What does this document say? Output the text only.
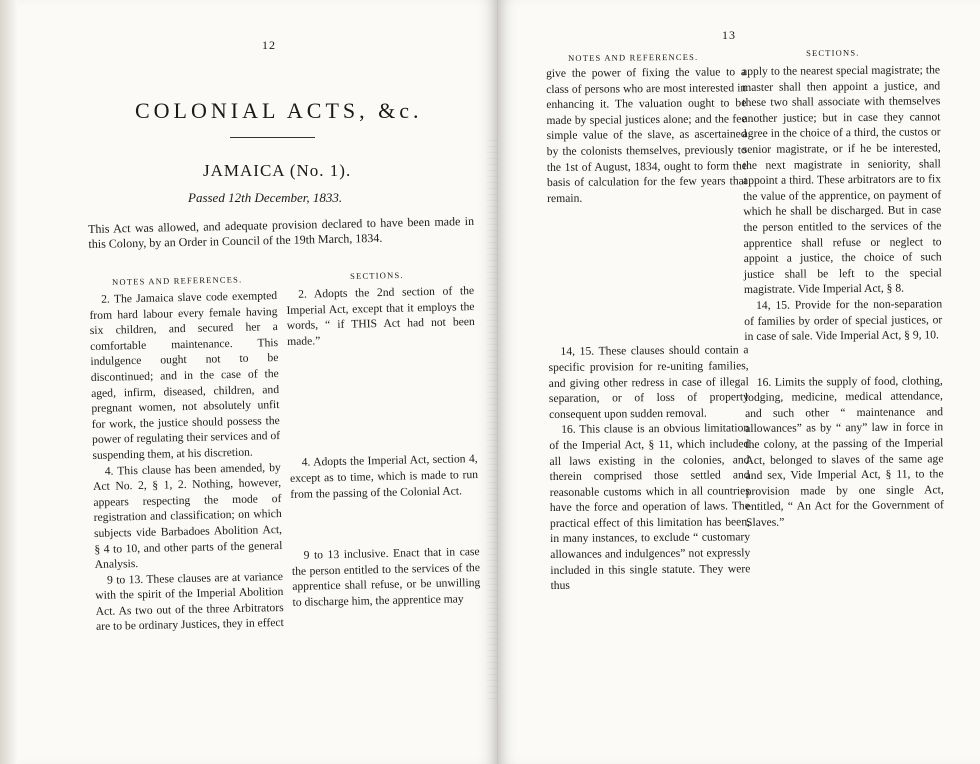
12
COLONIAL ACTS, &c.
JAMAICA (No. 1).
Passed 12th December, 1833.
This Act was allowed, and adequate provision declared to have been made in this Colony, by an Order in Council of the 19th March, 1834.
NOTES AND REFERENCES.	SECTIONS.

2. The Jamaica slave code exempted from hard labour every female having six children, and secured her a comfortable maintenance. This indulgence ought not to be discontinued; and in the case of the aged, infirm, diseased, children, and pregnant women, not absolutely unfit for work, the justice should possess the power of regulating their services and of suspending them, at his discretion.

4. This clause has been amended, by Act No. 2, § 1, 2. Nothing, however, appears respecting the mode of registration and classification; on which subjects vide Barbadoes Abolition Act, § 4 to 10, and other parts of the general Analysis.

9 to 13. These clauses are at variance with the spirit of the Imperial Abolition Act. As two out of the three Arbitrators are to be ordinary Justices, they in effect

2. Adopts the 2nd section of the Imperial Act, except that it employs the words, “ if THIS Act had not been made.”

4. Adopts the Imperial Act, section 4, except as to time, which is made to run from the passing of the Colonial Act.

9 to 13 inclusive. Enact that in case the person entitled to the services of the apprentice shall refuse, or be unwilling to discharge him, the apprentice may

13
NOTES AND REFERENCES.	SECTIONS.

give the power of fixing the value to a class of persons who are most interested in enhancing it. The valuation ought to be made by special justices alone; and the fee simple value of the slave, as ascertained by the colonists themselves, previously to the 1st of August, 1834, ought to form the basis of calculation for the few years that remain.

14, 15. These clauses should contain a specific provision for re-uniting families, and giving other redress in case of illegal separation, or of loss of property consequent upon sudden removal.

16. This clause is an obvious limitation of the Imperial Act, § 11, which included all laws existing in the colonies, and therein comprised those settled and reasonable customs which in all countries have the force and operation of laws. The practical effect of this limitation has been, in many instances, to exclude “ customary allowances and indulgences” not expressly included in this single statute. They were thus

apply to the nearest special magistrate; the master shall then appoint a justice, and these two shall associate with themselves another justice; but in case they cannot agree in the choice of a third, the custos or senior magistrate, or if he be interested, the next magistrate in seniority, shall appoint a third. These arbitrators are to fix the value of the apprentice, on payment of which he shall be discharged. But in case the person entitled to the services of the apprentice shall refuse or neglect to appoint a justice, the choice of such justice shall be left to the special magistrate. Vide Imperial Act, § 8.

14, 15. Provide for the non-separation of families by order of special justices, or in case of sale. Vide Imperial Act, § 9, 10.

16. Limits the supply of food, clothing, lodging, medicine, medical attendance, and such other “ maintenance and allowances” as by “ any” law in force in the colony, at the passing of the Imperial Act, belonged to slaves of the same age and sex, Vide Imperial Act, § 11, to the provision made by one single Act, entitled, “ An Act for the Government of Slaves.”
